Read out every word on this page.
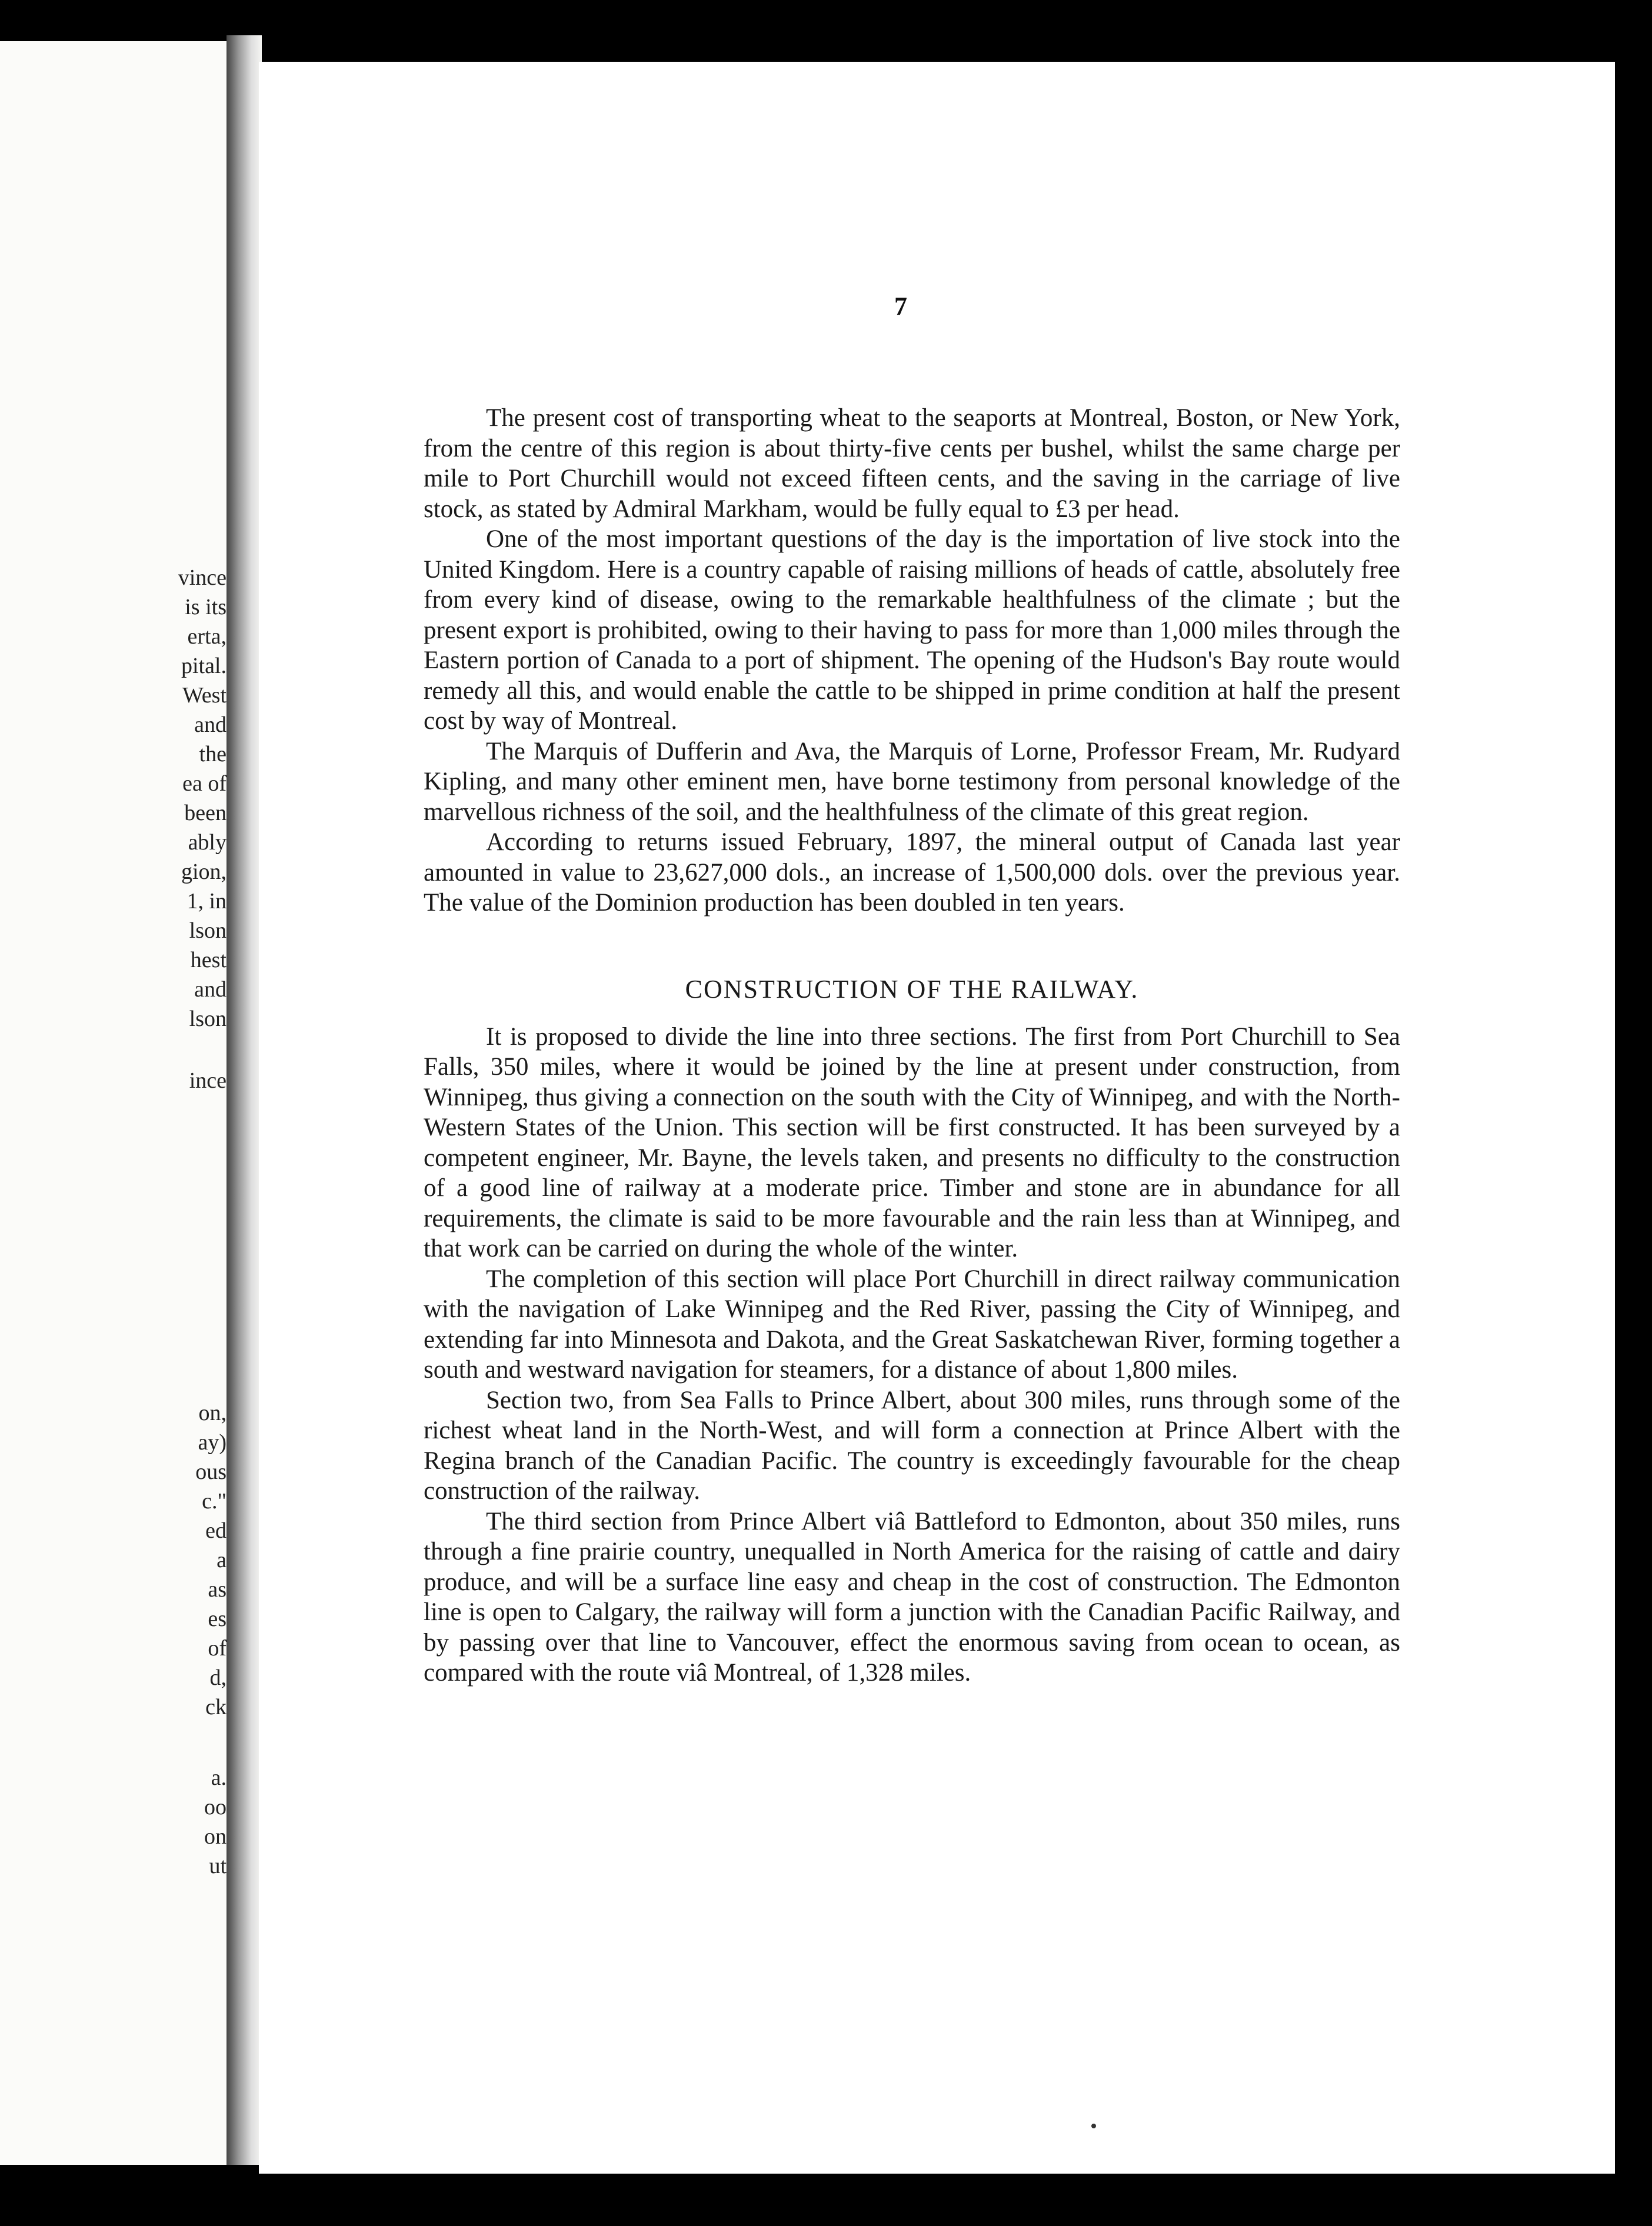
vince
is its
erta,
pital.
West
and
the
ea of
been
ably
gion,
1, in
lson
hest
and
lson
ince
on,
ay)
ous
c."
ed
a
as
es
of
d,
ck
a.
oo
on
ut
7

The present cost of transporting wheat to the seaports at Montreal, Boston, or New York, from the centre of this region is about thirty-five cents per bushel, whilst the same charge per mile to Port Churchill would not exceed fifteen cents, and the saving in the carriage of live stock, as stated by Admiral Markham, would be fully equal to £3 per head.

One of the most important questions of the day is the importation of live stock into the United Kingdom. Here is a country capable of raising millions of heads of cattle, absolutely free from every kind of disease, owing to the remarkable healthfulness of the climate ; but the present export is prohibited, owing to their having to pass for more than 1,000 miles through the Eastern portion of Canada to a port of shipment. The opening of the Hudson's Bay route would remedy all this, and would enable the cattle to be shipped in prime condition at half the present cost by way of Montreal.

The Marquis of Dufferin and Ava, the Marquis of Lorne, Professor Fream, Mr. Rudyard Kipling, and many other eminent men, have borne testimony from personal knowledge of the marvellous richness of the soil, and the healthfulness of the climate of this great region.

According to returns issued February, 1897, the mineral output of Canada last year amounted in value to 23,627,000 dols., an increase of 1,500,000 dols. over the previous year. The value of the Dominion production has been doubled in ten years.

CONSTRUCTION OF THE RAILWAY.

It is proposed to divide the line into three sections. The first from Port Churchill to Sea Falls, 350 miles, where it would be joined by the line at present under construction, from Winnipeg, thus giving a connection on the south with the City of Winnipeg, and with the North-Western States of the Union. This section will be first constructed. It has been surveyed by a competent engineer, Mr. Bayne, the levels taken, and presents no difficulty to the construction of a good line of railway at a moderate price. Timber and stone are in abundance for all requirements, the climate is said to be more favourable and the rain less than at Winnipeg, and that work can be carried on during the whole of the winter.

The completion of this section will place Port Churchill in direct railway communication with the navigation of Lake Winnipeg and the Red River, passing the City of Winnipeg, and extending far into Minnesota and Dakota, and the Great Saskatchewan River, forming together a south and westward navigation for steamers, for a distance of about 1,800 miles.

Section two, from Sea Falls to Prince Albert, about 300 miles, runs through some of the richest wheat land in the North-West, and will form a connection at Prince Albert with the Regina branch of the Canadian Pacific. The country is exceedingly favourable for the cheap construction of the railway.

The third section from Prince Albert viâ Battleford to Edmonton, about 350 miles, runs through a fine prairie country, unequalled in North America for the raising of cattle and dairy produce, and will be a surface line easy and cheap in the cost of construction. The Edmonton line is open to Calgary, the railway will form a junction with the Canadian Pacific Railway, and by passing over that line to Vancouver, effect the enormous saving from ocean to ocean, as compared with the route viâ Montreal, of 1,328 miles.
